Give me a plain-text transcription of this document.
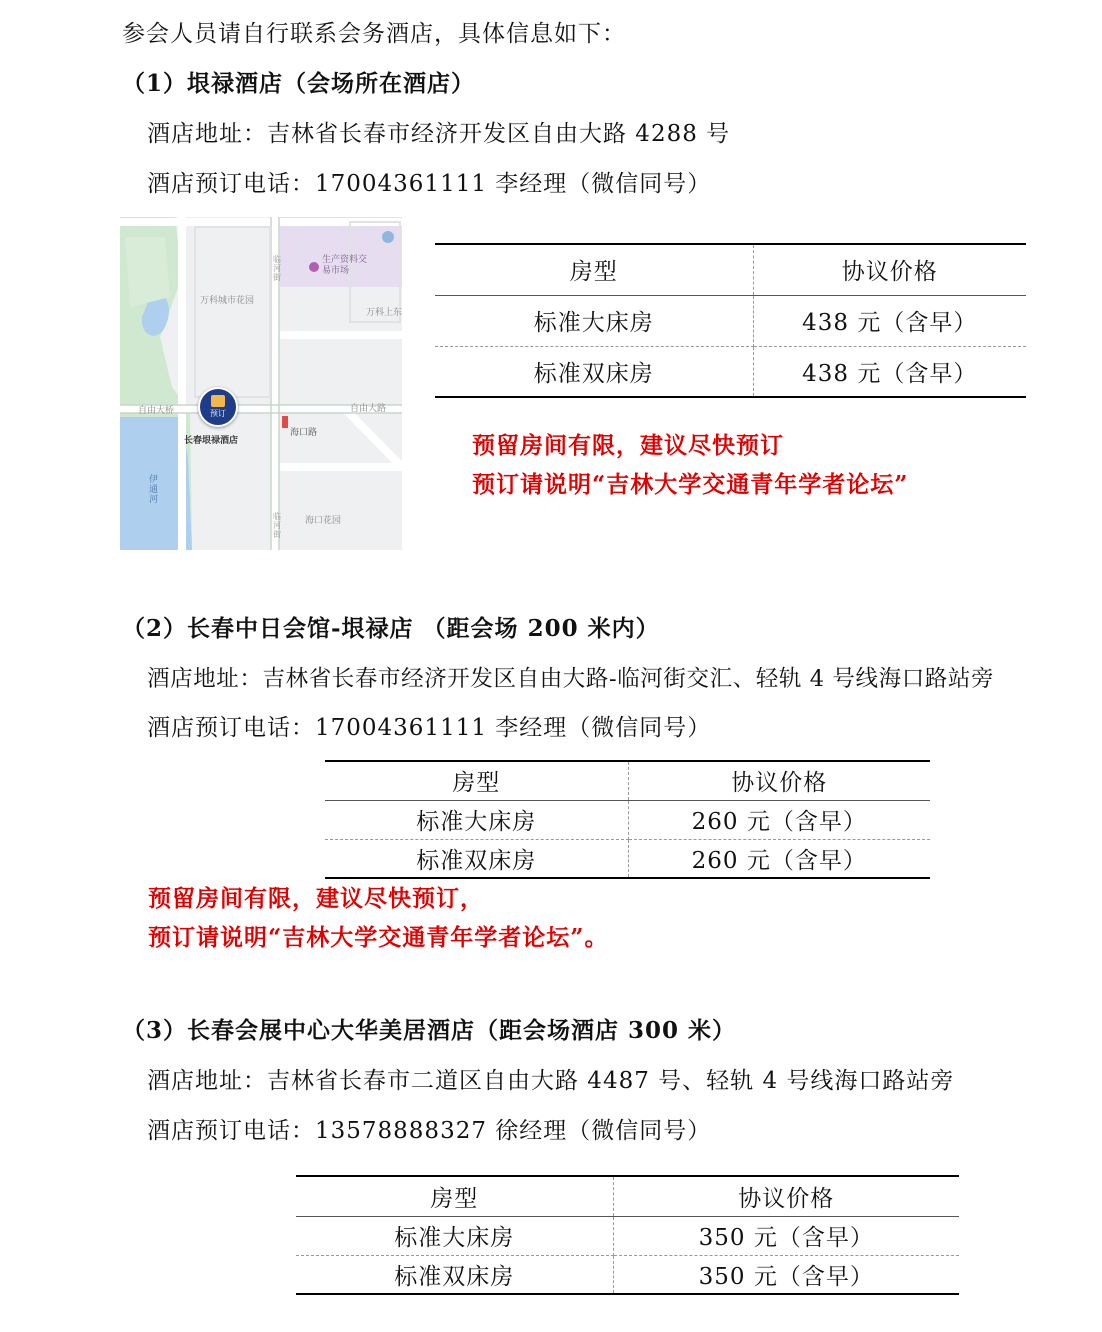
参会人员请自行联系会务酒店，具体信息如下：
（1）垠禄酒店（会场所在酒店）
酒店地址：吉林省长春市经济开发区自由大路 4288 号
酒店预订电话：17004361111 李经理（微信同号）
生产资料交易市场
万科城市花园
万科上东
临河街
自由大桥	自由大路
长春垠禄酒店
海口路
伊通河
海口花园
临河街
预订
房型	协议价格
标准大床房	438 元（含早）
标准双床房	438 元（含早）
预留房间有限，建议尽快预订
预订请说明“吉林大学交通青年学者论坛”
（2）长春中日会馆-垠禄店 （距会场 200 米内）
酒店地址：吉林省长春市经济开发区自由大路-临河街交汇、轻轨 4 号线海口路站旁
酒店预订电话：17004361111 李经理（微信同号）
房型	协议价格
标准大床房	260 元（含早）
标准双床房	260 元（含早）
预留房间有限，建议尽快预订，
预订请说明“吉林大学交通青年学者论坛”。
（3）长春会展中心大华美居酒店（距会场酒店 300 米）
酒店地址：吉林省长春市二道区自由大路 4487 号、轻轨 4 号线海口路站旁
酒店预订电话：13578888327 徐经理（微信同号）
房型	协议价格
标准大床房	350 元（含早）
标准双床房	350 元（含早）
